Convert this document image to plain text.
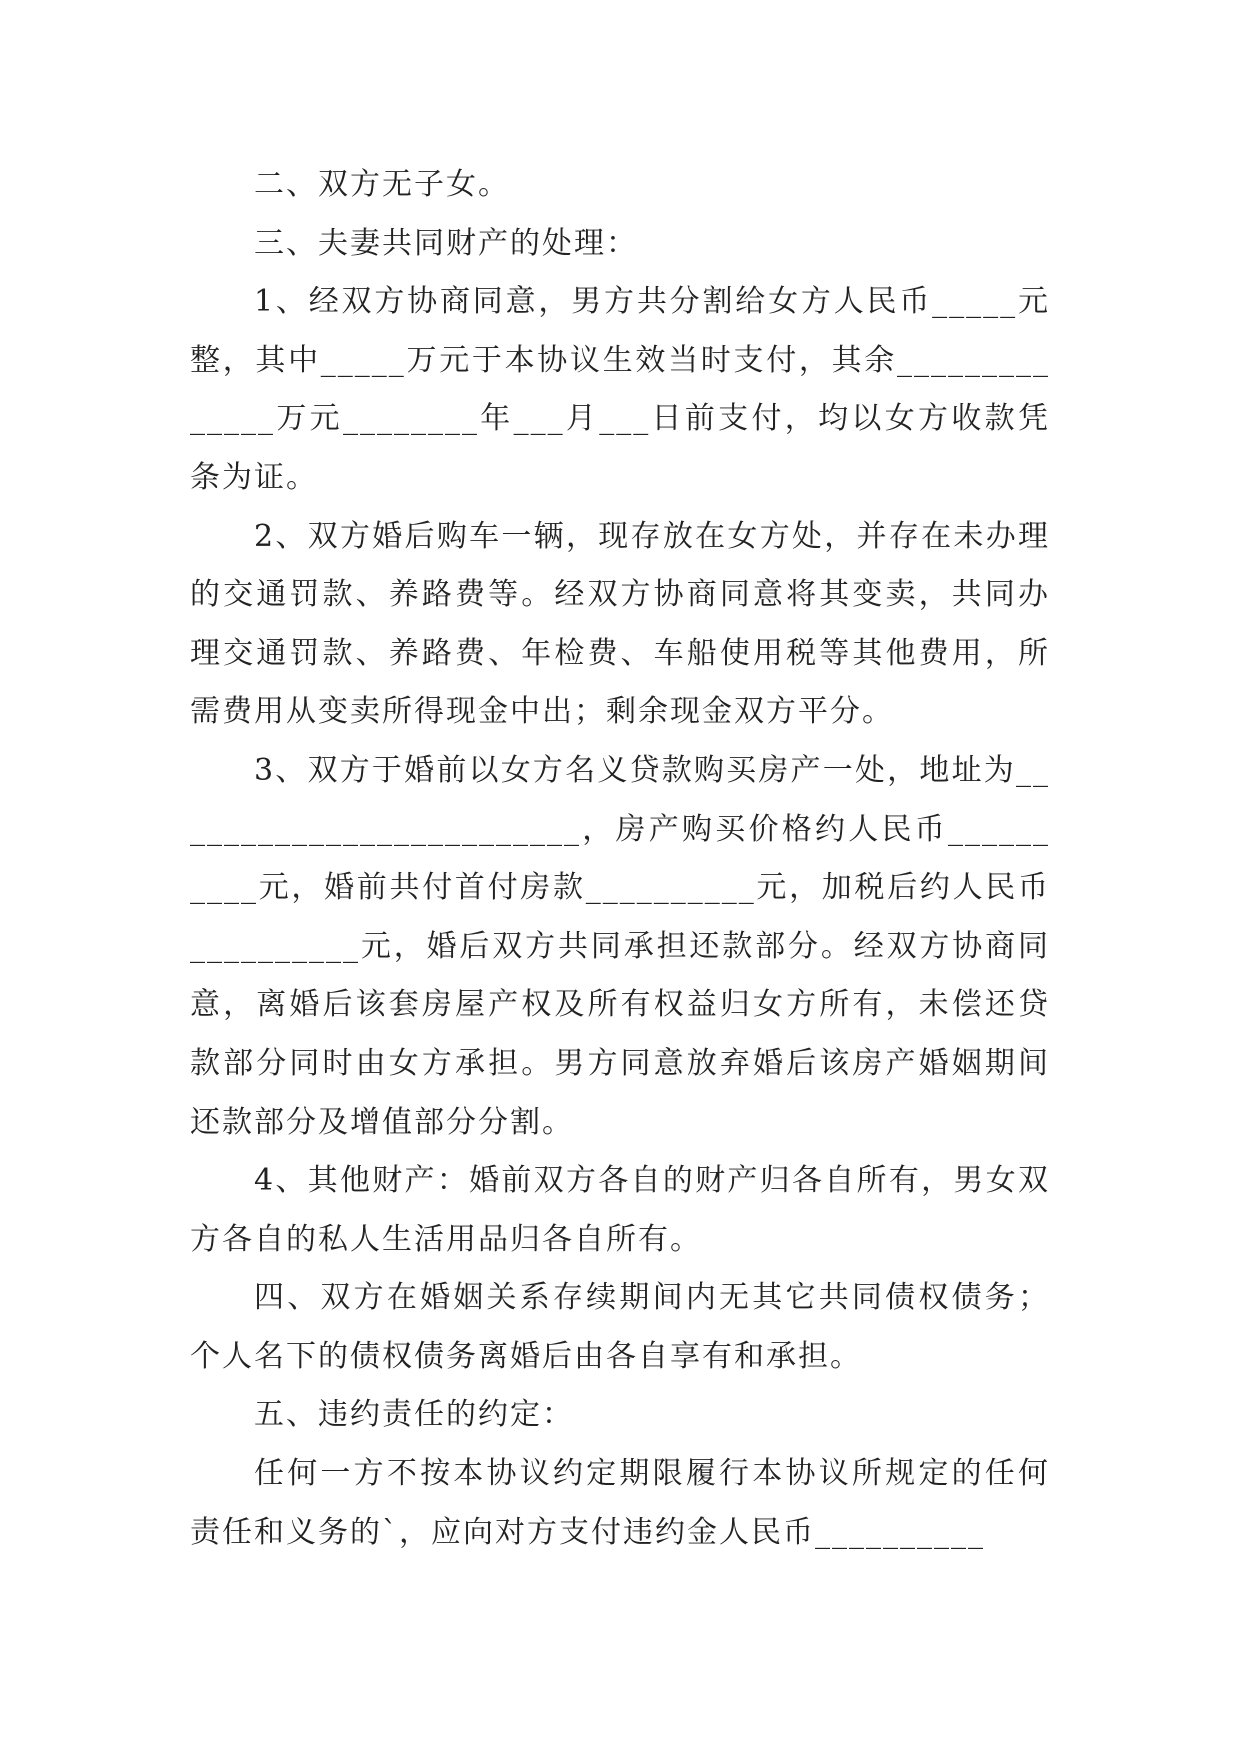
二、双方无子女。

三、夫妻共同财产的处理：

1、经双方协商同意，男方共分割给女方人民币_____元整，其中_____万元于本协议生效当时支付，其余______________万元________年___月___日前支付，均以女方收款凭条为证。

2、双方婚后购车一辆，现存放在女方处，并存在未办理的交通罚款、养路费等。经双方协商同意将其变卖，共同办理交通罚款、养路费、年检费、车船使用税等其他费用，所需费用从变卖所得现金中出；剩余现金双方平分。

3、双方于婚前以女方名义贷款购买房产一处，地址为_________________________，房产购买价格约人民币__________元，婚前共付首付房款__________元，加税后约人民币__________元，婚后双方共同承担还款部分。经双方协商同意，离婚后该套房屋产权及所有权益归女方所有，未偿还贷款部分同时由女方承担。男方同意放弃婚后该房产婚姻期间还款部分及增值部分分割。

4、其他财产：婚前双方各自的财产归各自所有，男女双方各自的私人生活用品归各自所有。

四、双方在婚姻关系存续期间内无其它共同债权债务；个人名下的债权债务离婚后由各自享有和承担。

五、违约责任的约定：

任何一方不按本协议约定期限履行本协议所规定的任何责任和义务的`，应向对方支付违约金人民币__________
